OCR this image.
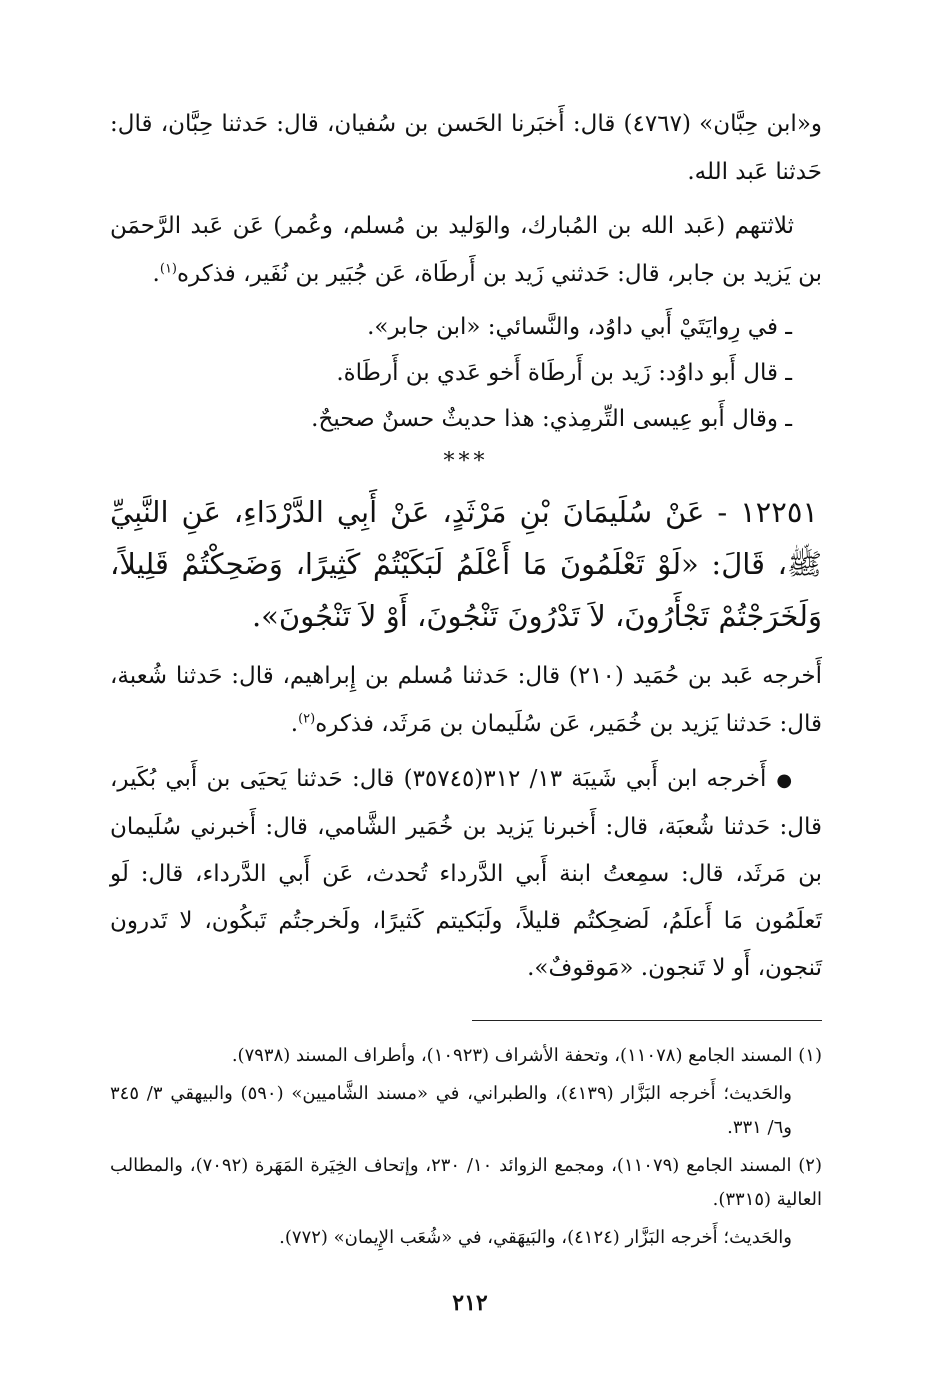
و«ابن حِبَّان» (٤٧٦٧) قال: أَخبَرنا الحَسن بن سُفيان، قال: حَدثنا حِبَّان، قال: حَدثنا عَبد الله.

ثلاثتهم (عَبد الله بن المُبارك، والوَليد بن مُسلم، وعُمر) عَن عَبد الرَّحمَن بن يَزيد بن جابر، قال: حَدثني زَيد بن أَرطَاة، عَن جُبَير بن نُفَير، فذكره$^{(١)}$.

ـ في رِوايَتَيْ أَبي داوُد، والنَّسائي: «ابن جابر».

ـ قال أَبو داوُد: زَيد بن أَرطَاة أَخو عَدي بن أَرطَاة.

ـ وقال أَبو عِيسى التِّرمِذي: هذا حديثٌ حسنٌ صحيحٌ.

***

١٢٢٥١ - عَنْ سُلَيمَانَ بْنِ مَرْثَدٍ، عَنْ أَبِي الدَّرْدَاءِ، عَنِ النَّبِيِّ ﷺ، قَالَ: «لَوْ تَعْلَمُونَ مَا أَعْلَمُ لَبَكَيْتُمْ كَثِيرًا، وَضَحِكْتُمْ قَلِيلاً، وَلَخَرَجْتُمْ تَجْأَرُونَ، لاَ تَدْرُونَ تَنْجُونَ، أَوْ لاَ تَنْجُونَ».

أَخرجه عَبد بن حُمَيد (٢١٠) قال: حَدثنا مُسلم بن إِبراهيم، قال: حَدثنا شُعبة، قال: حَدثنا يَزيد بن خُمَير، عَن سُلَيمان بن مَرثَد، فذكره$^{(٢)}$.

●أَخرجه ابن أَبي شَيبَة ١٣/ ٣١٢(٣٥٧٤٥) قال: حَدثنا يَحيَى بن أَبي بُكَير، قال: حَدثنا شُعبَة، قال: أَخبرنا يَزيد بن خُمَير الشَّامي، قال: أَخبرني سُلَيمان بن مَرثَد، قال: سمِعتُ ابنة أَبي الدَّرداء تُحدث، عَن أَبي الدَّرداء، قال: لَو تَعلَمُون مَا أَعلَمُ، لَضحِكتُم قليلاً، ولَبَكيتم كَثيرًا، ولَخرجتُم تَبكُون، لا تَدرون تَنجون، أَو لا تَنجون. «مَوقوفٌ».

(١) المسند الجامع (١١٠٧٨)، وتحفة الأشراف (١٠٩٢٣)، وأطراف المسند (٧٩٣٨).

والحَديث؛ أَخرجه البَزَّار (٤١٣٩)، والطبراني، في «مسند الشَّاميين» (٥٩٠) والبيهقي ٣/ ٣٤٥ و٦/ ٣٣١.

(٢) المسند الجامع (١١٠٧٩)، ومجمع الزوائد ١٠/ ٢٣٠، وإتحاف الخِيَرة المَهَرة (٧٠٩٢)، والمطالب العالية (٣٣١٥).

والحَديث؛ أَخرجه البَزَّار (٤١٢٤)، والبَيهَقي، في «شُعَب الإِيمان» (٧٧٢).

٢١٢
